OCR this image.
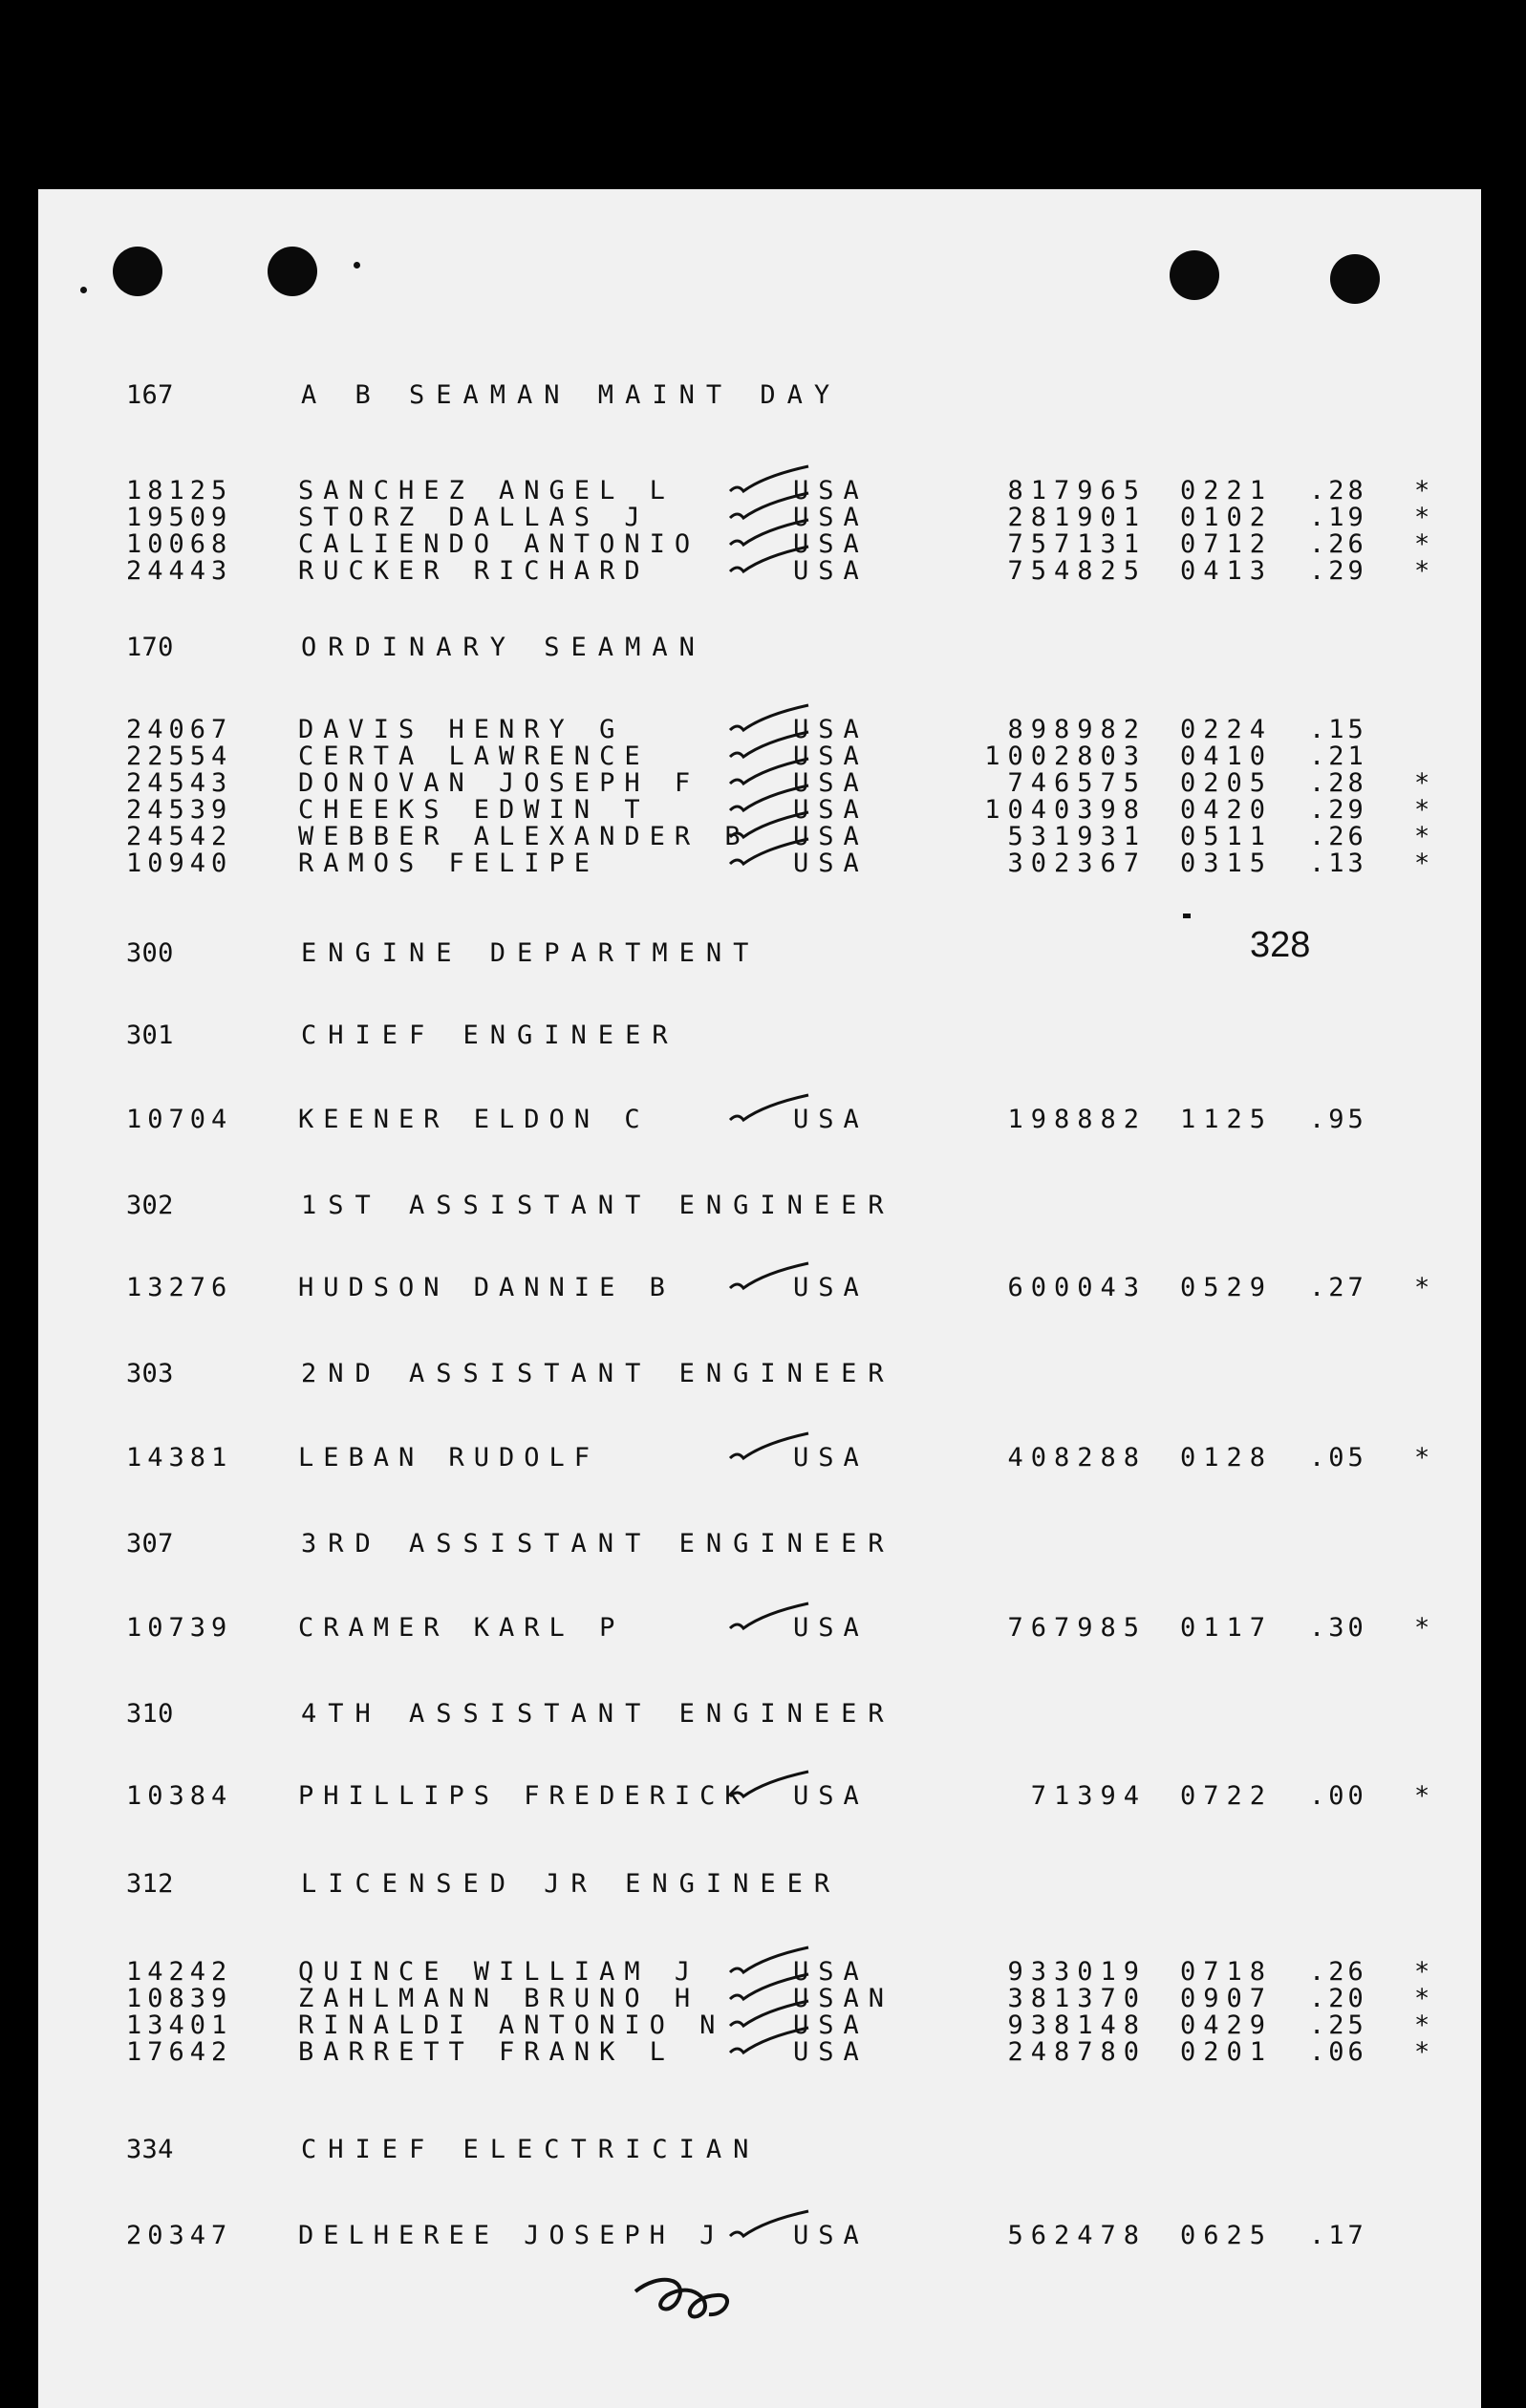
328
167	A B SEAMAN MAINT DAY
18125	SANCHEZ ANGEL L	USA	817965 0221 .28 *
19509	STORZ DALLAS J	USA	281901 0102 .19 *
10068	CALIENDO ANTONIO	USA	757131 0712 .26 *
24443	RUCKER RICHARD	USA	754825 0413 .29 *
170	ORDINARY SEAMAN
24067	DAVIS HENRY G	USA	898982 0224 .15
22554	CERTA LAWRENCE	USA	1002803 0410 .21
24543	DONOVAN JOSEPH F	USA	746575 0205 .28 *
24539	CHEEKS EDWIN T	USA	1040398 0420 .29 *
24542	WEBBER ALEXANDER B USA	531931 0511 .26 *
10940	RAMOS FELIPE	USA	302367 0315 .13 *
300	ENGINE DEPARTMENT
301	CHIEF ENGINEER
10704	KEENER ELDON C	USA	198882 1125 .95
302	1ST ASSISTANT ENGINEER
13276	HUDSON DANNIE B	USA	600043 0529 .27 *
303	2ND ASSISTANT ENGINEER
14381	LEBAN RUDOLF	USA	408288 0128 .05 *
307	3RD ASSISTANT ENGINEER
10739	CRAMER KARL P	USA	767985 0117 .30 *
310	4TH ASSISTANT ENGINEER
10384	PHILLIPS FREDERICK USA	71394 0722 .00 *
312	LICENSED JR ENGINEER
14242	QUINCE WILLIAM J	USA	933019 0718 .26 *
10839	ZAHLMANN BRUNO H	USAN	381370 0907 .20 *
13401	RINALDI ANTONIO N	USA	938148 0429 .25 *
17642	BARRETT FRANK L	USA	248780 0201 .06 *
334	CHIEF ELECTRICIAN
20347	DELHEREE JOSEPH J	USA	562478 0625 .17
